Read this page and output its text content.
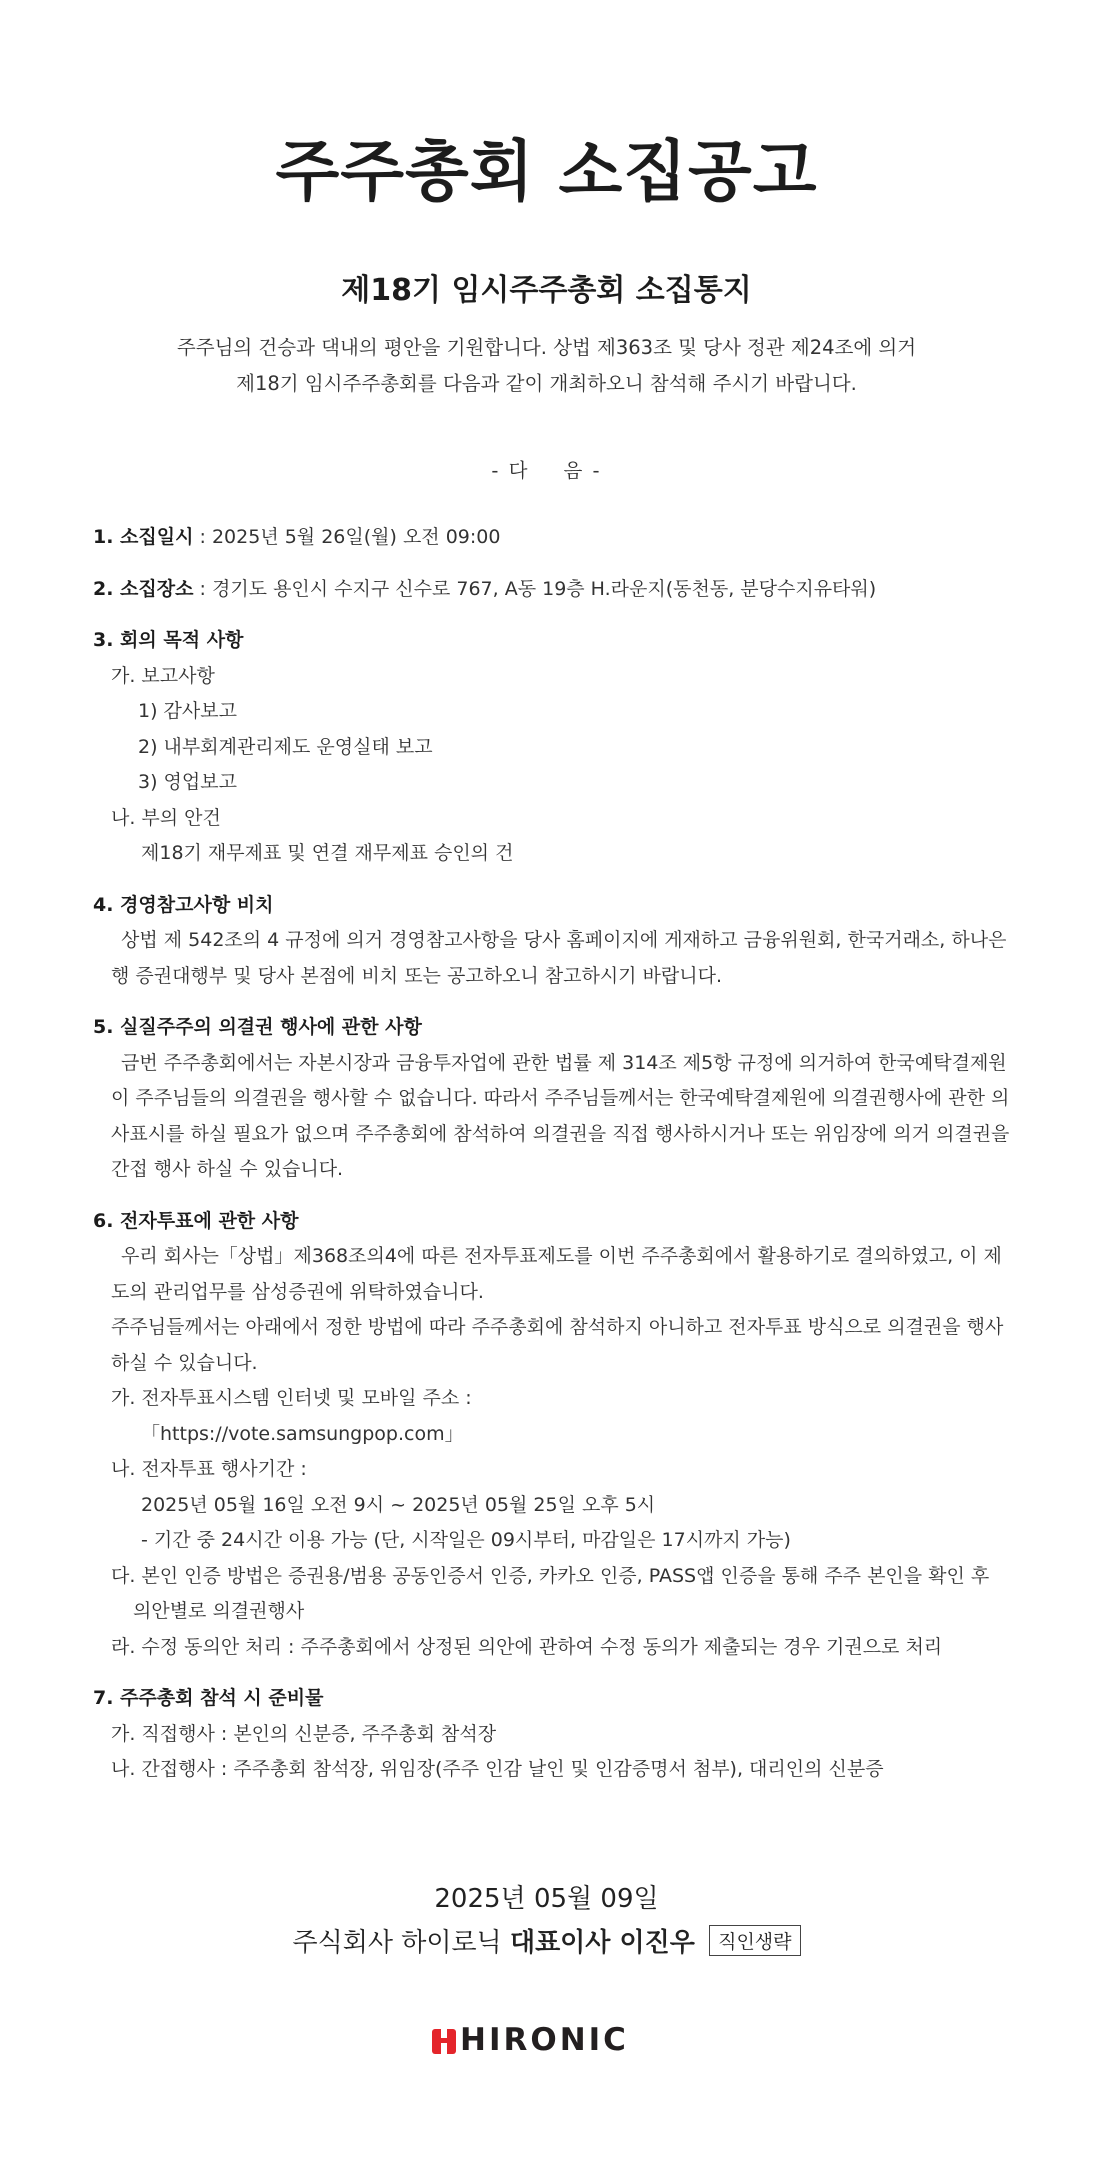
주주총회 소집공고
제18기 임시주주총회 소집통지
주주님의 건승과 댁내의 평안을 기원합니다. 상법 제363조 및 당사 정관 제24조에 의거
제18기 임시주주총회를 다음과 같이 개최하오니 참석해 주시기 바랍니다.
- 다 음 -
1. 소집일시 : 2025년 5월 26일(월) 오전 09:00
2. 소집장소 : 경기도 용인시 수지구 신수로 767, A동 19층 H.라운지(동천동, 분당수지유타워)
3. 회의 목적 사항
가. 보고사항
1) 감사보고
2) 내부회계관리제도 운영실태 보고
3) 영업보고
나. 부의 안건
제18기 재무제표 및 연결 재무제표 승인의 건
4. 경영참고사항 비치
상법 제 542조의 4 규정에 의거 경영참고사항을 당사 홈페이지에 게재하고 금융위원회, 한국거래소, 하나은행 증권대행부 및 당사 본점에 비치 또는 공고하오니 참고하시기 바랍니다.
5. 실질주주의 의결권 행사에 관한 사항
금번 주주총회에서는 자본시장과 금융투자업에 관한 법률 제 314조 제5항 규정에 의거하여 한국예탁결제원이 주주님들의 의결권을 행사할 수 없습니다. 따라서 주주님들께서는 한국예탁결제원에 의결권행사에 관한 의사표시를 하실 필요가 없으며 주주총회에 참석하여 의결권을 직접 행사하시거나 또는 위임장에 의거 의결권을 간접 행사 하실 수 있습니다.
6. 전자투표에 관한 사항
우리 회사는「상법」제368조의4에 따른 전자투표제도를 이번 주주총회에서 활용하기로 결의하였고, 이 제도의 관리업무를 삼성증권에 위탁하였습니다.
주주님들께서는 아래에서 정한 방법에 따라 주주총회에 참석하지 아니하고 전자투표 방식으로 의결권을 행사하실 수 있습니다.
가. 전자투표시스템 인터넷 및 모바일 주소 :
「https://vote.samsungpop.com」
나. 전자투표 행사기간 :
2025년 05월 16일 오전 9시 ~ 2025년 05월 25일 오후 5시
- 기간 중 24시간 이용 가능 (단, 시작일은 09시부터, 마감일은 17시까지 가능)
다. 본인 인증 방법은 증권용/범용 공동인증서 인증, 카카오 인증, PASS앱 인증을 통해 주주 본인을 확인 후 의안별로 의결권행사
라. 수정 동의안 처리 : 주주총회에서 상정된 의안에 관하여 수정 동의가 제출되는 경우 기권으로 처리
7. 주주총회 참석 시 준비물
가. 직접행사 : 본인의 신분증, 주주총회 참석장
나. 간접행사 : 주주총회 참석장, 위임장(주주 인감 날인 및 인감증명서 첨부), 대리인의 신분증
2025년 05월 09일
주식회사 하이로닉 대표이사 이진우 직인생략
HIRONIC
